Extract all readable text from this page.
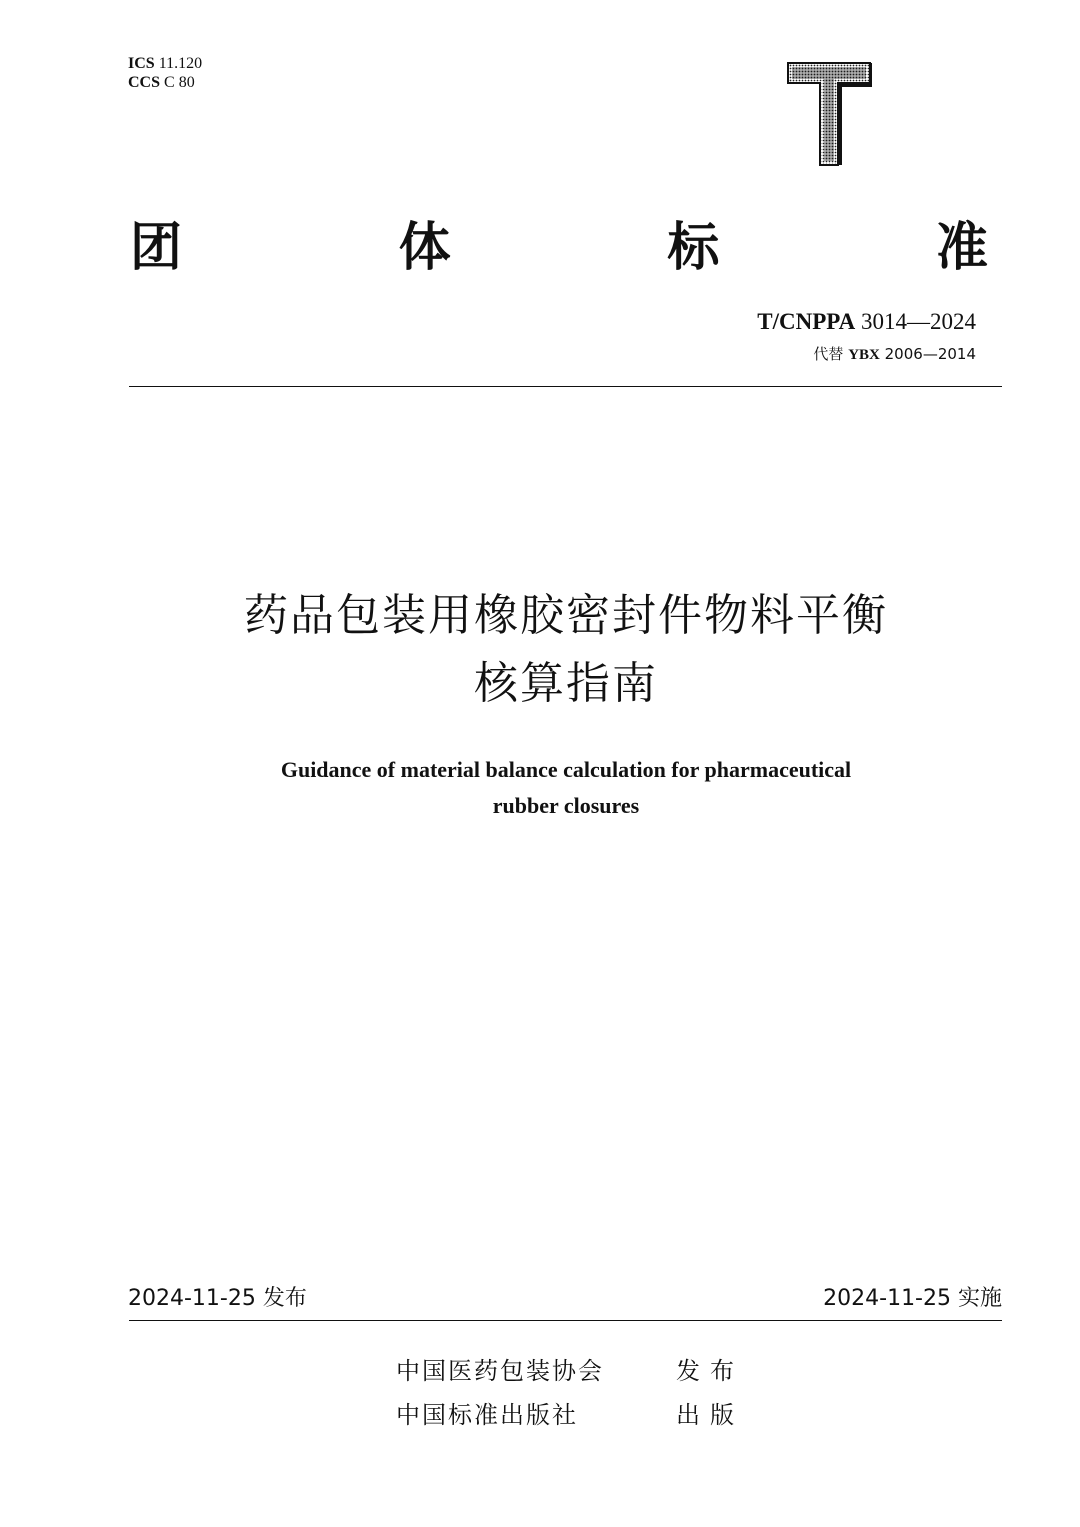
ICS 11.120
CCS C 80
团	体	标	准
T/CNPPA 3014—2024
代替 YBX 2006—2014
药品包装用橡胶密封件物料平衡
核算指南
Guidance of material balance calculation for pharmaceutical
rubber closures
2024-11-25 发布	2024-11-25 实施
中国医药包装协会	发布
中国标准出版社	出版
